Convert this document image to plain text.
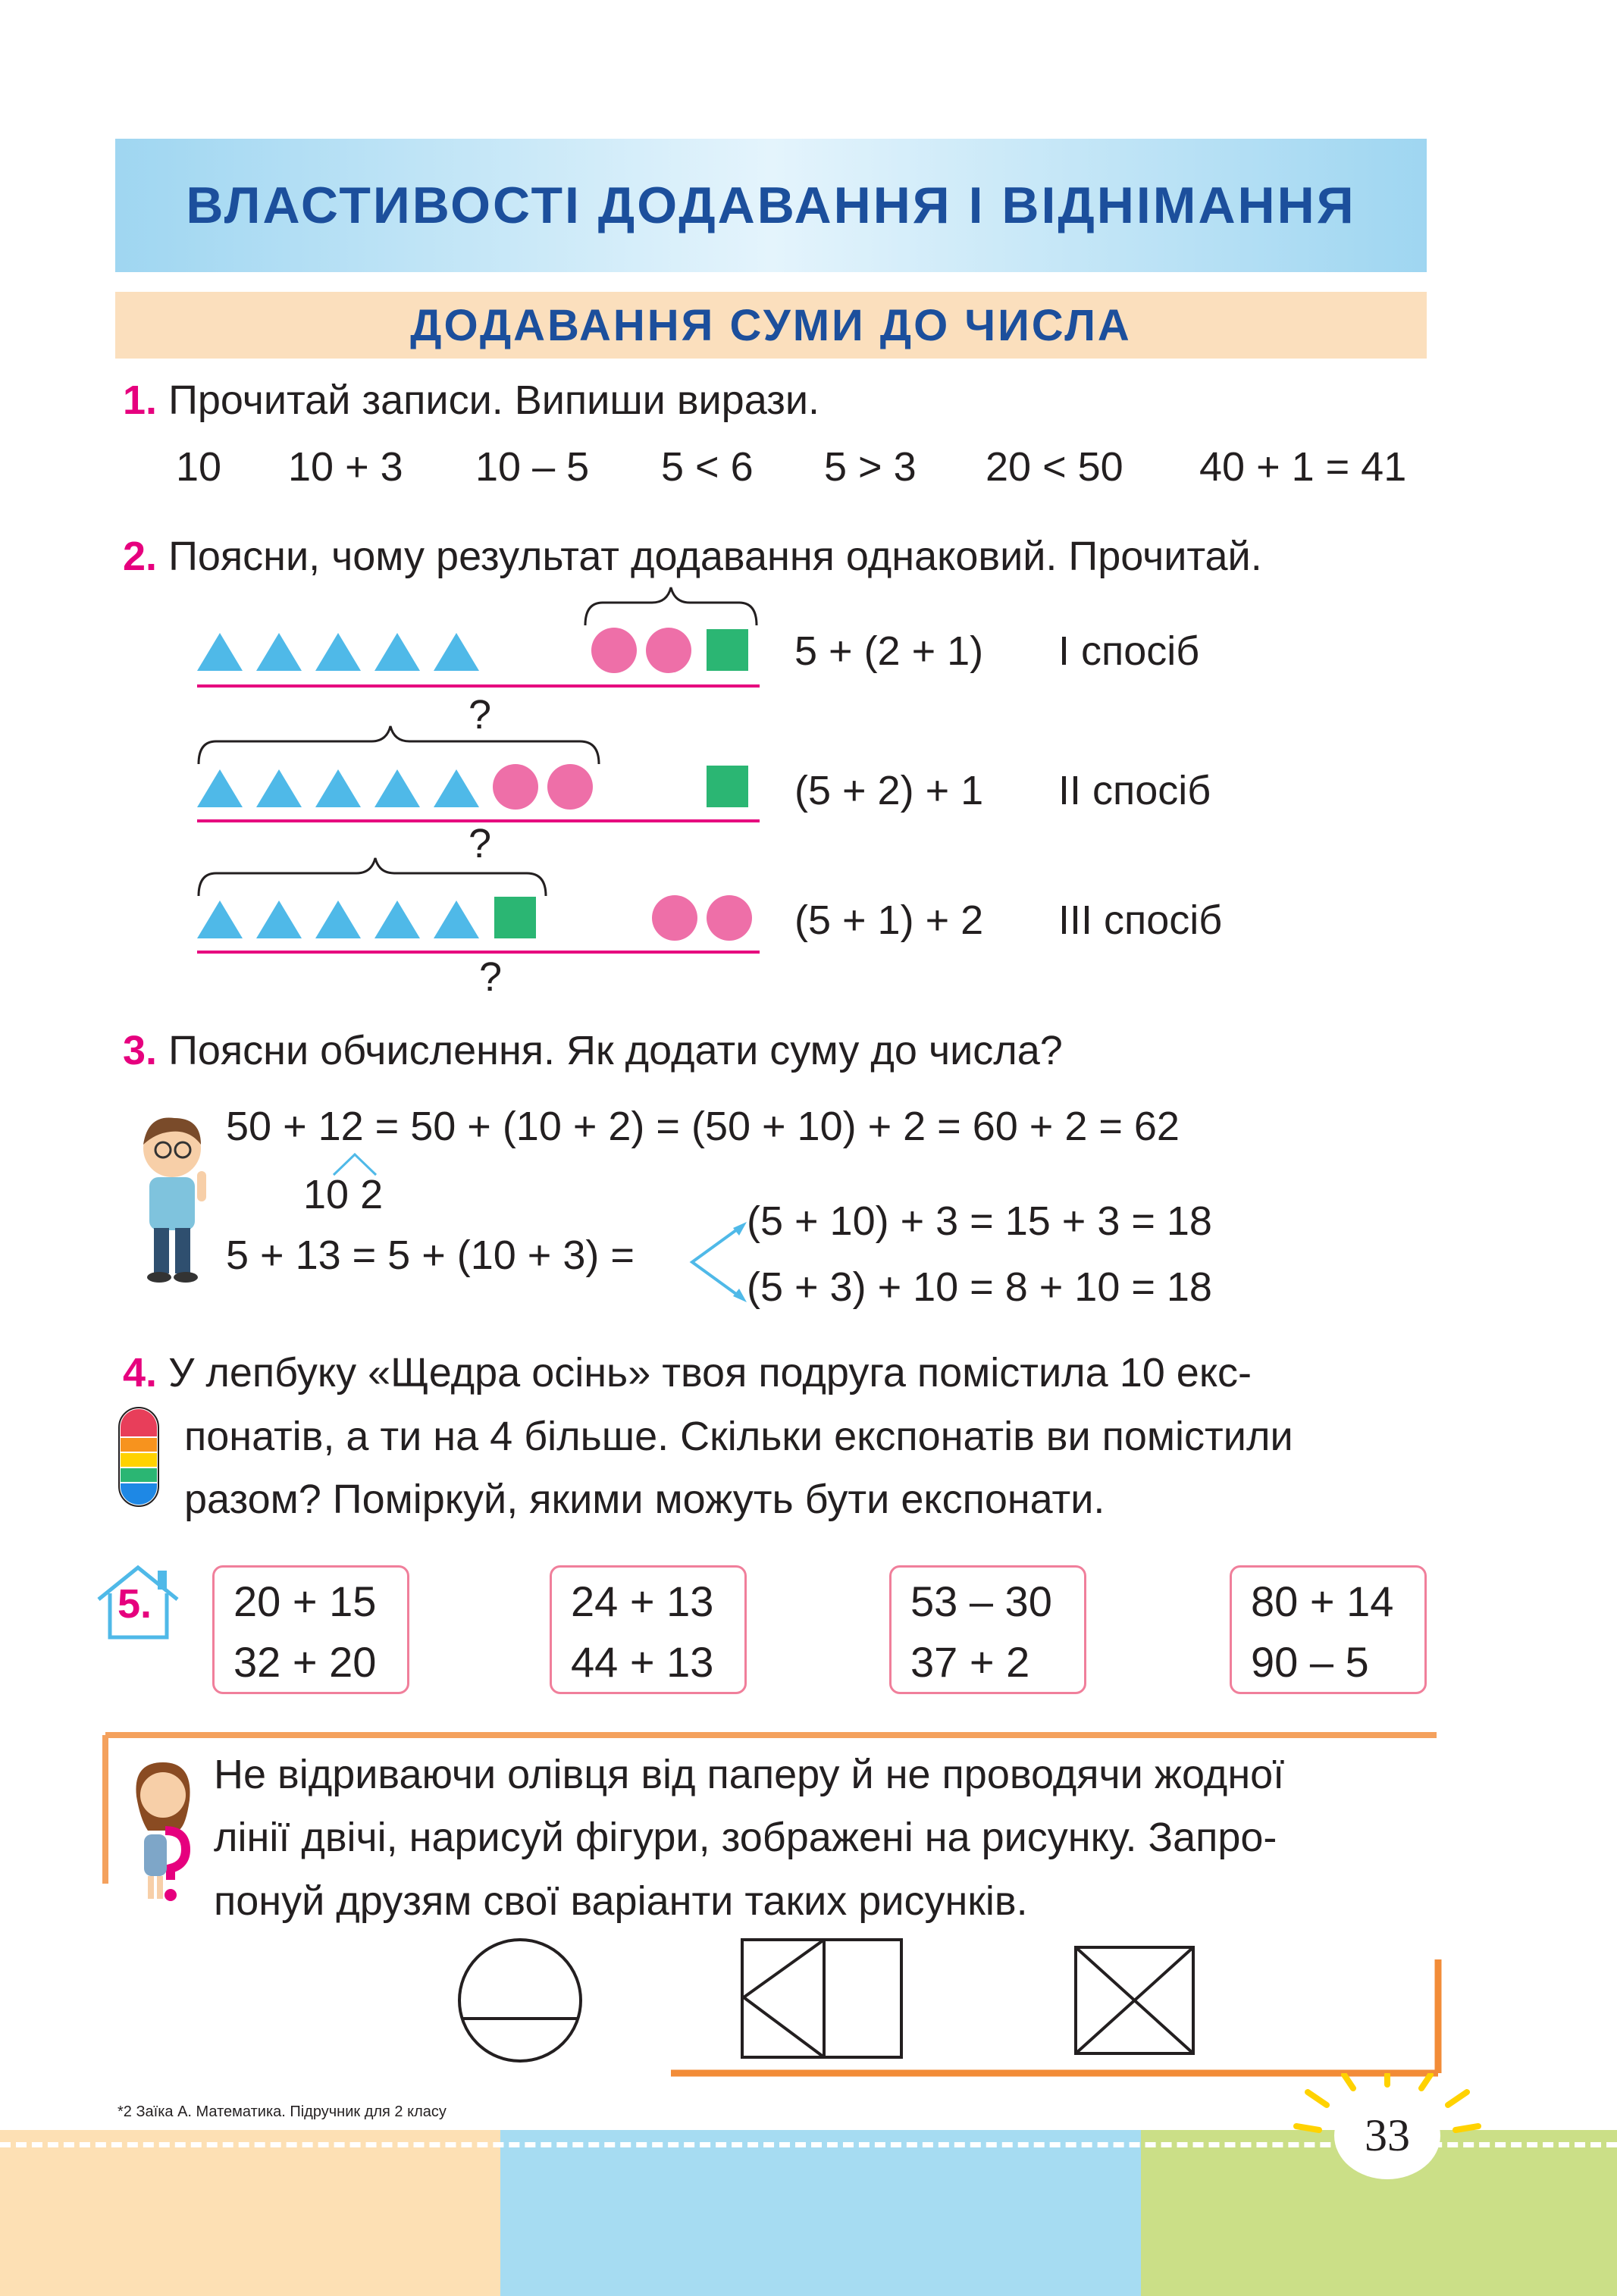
ВЛАСТИВОСТІ ДОДАВАННЯ І ВІДНІМАННЯ
ДОДАВАННЯ СУМИ ДО ЧИСЛА
1. Прочитай записи. Випиши вирази.
10 10 + 3 10 – 5 5 < 6 5 > 3 20 < 50 40 + 1 = 41
2. Поясни, чому результат додавання однаковий. Прочитай.
?
?
?
5 + (2 + 1) І спосіб
(5 + 2) + 1 ІІ спосіб
(5 + 1) + 2 ІІІ спосіб
3. Поясни обчислення. Як додати суму до числа?
50 + 12 = 50 + (10 + 2) = (50 + 10) + 2 = 60 + 2 = 62
10 2
5 + 13 = 5 + (10 + 3) =
(5 + 10) + 3 = 15 + 3 = 18
(5 + 3) + 10 = 8 + 10 = 18
4. У лепбуку «Щедра осінь» твоя подруга помістила 10 екс-
понатів, а ти на 4 більше. Скільки експонатів ви помістили
разом? Поміркуй, якими можуть бути експонати.
5. 20 + 15
32 + 20
24 + 13
44 + 13
53 – 30
37 + 2
80 + 14
90 – 5
Не відриваючи олівця від паперу й не проводячи жодної
лінії двічі, нарисуй фігури, зображені на рисунку. Запро-
понуй друзям свої варіанти таких рисунків.
*2 Заїка А. Математика. Підручник для 2 класу	33
